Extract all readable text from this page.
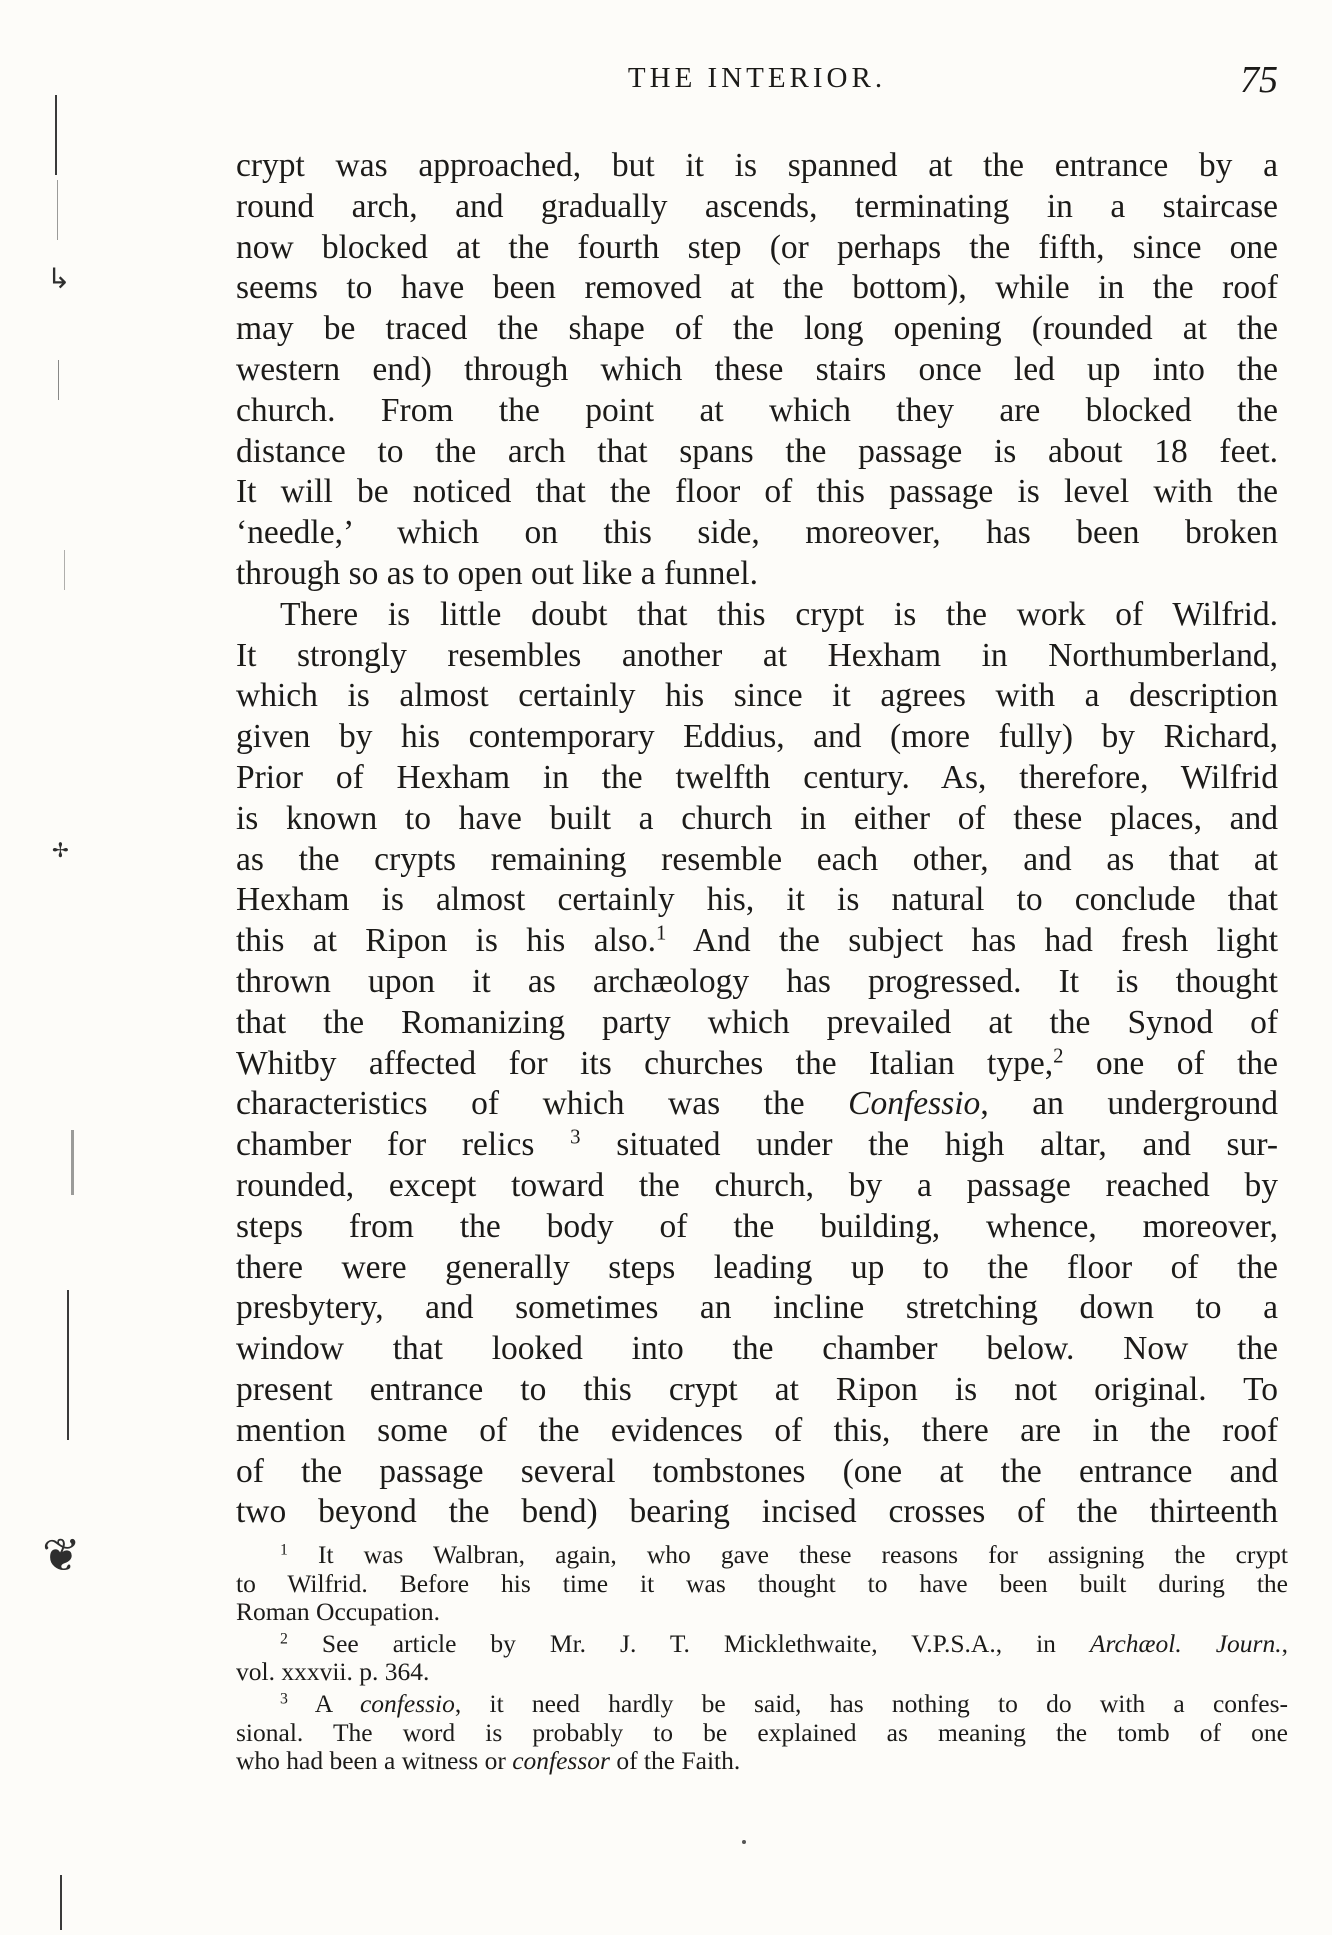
THE INTERIOR.	75
crypt was approached, but it is spanned at the entrance by a
round arch, and gradually ascends, terminating in a staircase
now blocked at the fourth step (or perhaps the fifth, since one
seems to have been removed at the bottom), while in the roof
may be traced the shape of the long opening (rounded at the
western end) through which these stairs once led up into the
church. From the point at which they are blocked the
distance to the arch that spans the passage is about 18 feet.
It will be noticed that the floor of this passage is level with the
‘needle,’ which on this side, moreover, has been broken
through so as to open out like a funnel.
There is little doubt that this crypt is the work of Wilfrid.
It strongly resembles another at Hexham in Northumberland,
which is almost certainly his since it agrees with a description
given by his contemporary Eddius, and (more fully) by Richard,
Prior of Hexham in the twelfth century. As, therefore, Wilfrid
is known to have built a church in either of these places, and
as the crypts remaining resemble each other, and as that at
Hexham is almost certainly his, it is natural to conclude that
this at Ripon is his also.$^1$ And the subject has had fresh light
thrown upon it as archæology has progressed. It is thought
that the Romanizing party which prevailed at the Synod of
Whitby affected for its churches the Italian type,$^2$ one of the
characteristics of which was the Confessio, an underground
chamber for relics $^3$ situated under the high altar, and sur-
rounded, except toward the church, by a passage reached by
steps from the body of the building, whence, moreover,
there were generally steps leading up to the floor of the
presbytery, and sometimes an incline stretching down to a
window that looked into the chamber below. Now the
present entrance to this crypt at Ripon is not original. To
mention some of the evidences of this, there are in the roof
of the passage several tombstones (one at the entrance and
two beyond the bend) bearing incised crosses of the thirteenth
$^1$ It was Walbran, again, who gave these reasons for assigning the crypt
to Wilfrid. Before his time it was thought to have been built during the
Roman Occupation.
$^2$ See article by Mr. J. T. Micklethwaite, V.P.S.A., in Archæol. Journ.,
vol. xxxvii. p. 364.
$^3$ A confessio, it need hardly be said, has nothing to do with a confes-
sional. The word is probably to be explained as meaning the tomb of one
who had been a witness or confessor of the Faith.
↳
✢
❦
